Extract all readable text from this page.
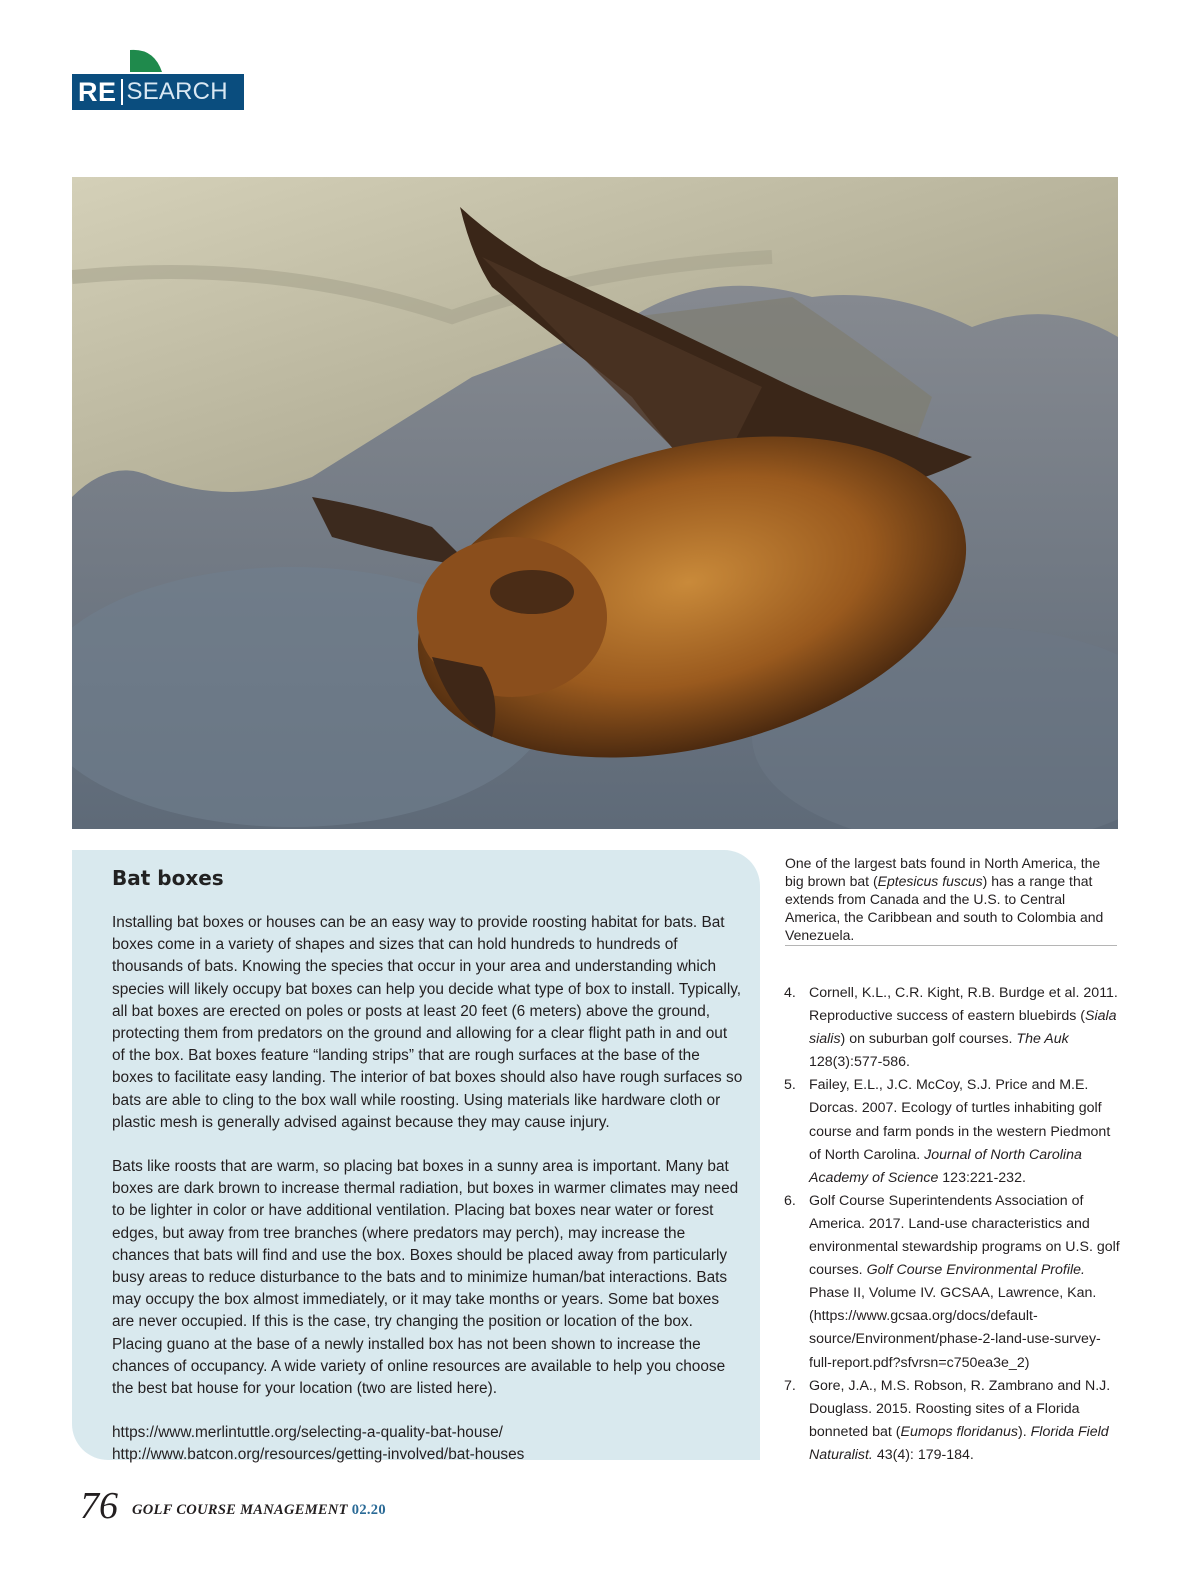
RE SEARCH
Bat boxes

Installing bat boxes or houses can be an easy way to provide roosting habitat for bats. Bat boxes come in a variety of shapes and sizes that can hold hundreds to hundreds of thousands of bats. Knowing the species that occur in your area and understanding which species will likely occupy bat boxes can help you decide what type of box to install. Typically, all bat boxes are erected on poles or posts at least 20 feet (6 meters) above the ground, protecting them from predators on the ground and allowing for a clear flight path in and out of the box. Bat boxes feature “landing strips” that are rough surfaces at the base of the boxes to facilitate easy landing. The interior of bat boxes should also have rough surfaces so bats are able to cling to the box wall while roosting. Using materials like hardware cloth or plastic mesh is generally advised against because they may cause injury.

Bats like roosts that are warm, so placing bat boxes in a sunny area is important. Many bat boxes are dark brown to increase thermal radiation, but boxes in warmer climates may need to be lighter in color or have additional ventilation. Placing bat boxes near water or forest edges, but away from tree branches (where predators may perch), may increase the chances that bats will find and use the box. Boxes should be placed away from particularly busy areas to reduce disturbance to the bats and to minimize human/bat interactions. Bats may occupy the box almost immediately, or it may take months or years. Some bat boxes are never occupied. If this is the case, try changing the position or location of the box. Placing guano at the base of a newly installed box has not been shown to increase the chances of occupancy. A wide variety of online resources are available to help you choose the best bat house for your location (two are listed here).

https://www.merlintuttle.org/selecting-a-quality-bat-house/
http://www.batcon.org/resources/getting-involved/bat-houses
One of the largest bats found in North America, the big brown bat (Eptesicus fuscus) has a range that extends from Canada and the U.S. to Central America, the Caribbean and south to Colombia and Venezuela.
4. Cornell, K.L., C.R. Kight, R.B. Burdge et al. 2011. Reproductive success of eastern bluebirds (Siala sialis) on suburban golf courses. The Auk 128(3):577-586.
5. Failey, E.L., J.C. McCoy, S.J. Price and M.E. Dorcas. 2007. Ecology of turtles inhabiting golf course and farm ponds in the western Piedmont of North Carolina. Journal of North Carolina Academy of Science 123:221-232.
6. Golf Course Superintendents Association of America. 2017. Land-use characteristics and environmental stewardship programs on U.S. golf courses. Golf Course Environmental Profile. Phase II, Volume IV. GCSAA, Lawrence, Kan. (https://www.gcsaa.org/docs/default-source/Environment/phase-2-land-use-survey-full-report.pdf?sfvrsn=c750ea3e_2)
7. Gore, J.A., M.S. Robson, R. Zambrano and N.J. Douglass. 2015. Roosting sites of a Florida bonneted bat (Eumops floridanus). Florida Field Naturalist. 43(4): 179-184.
76 GOLF COURSE MANAGEMENT 02.20
